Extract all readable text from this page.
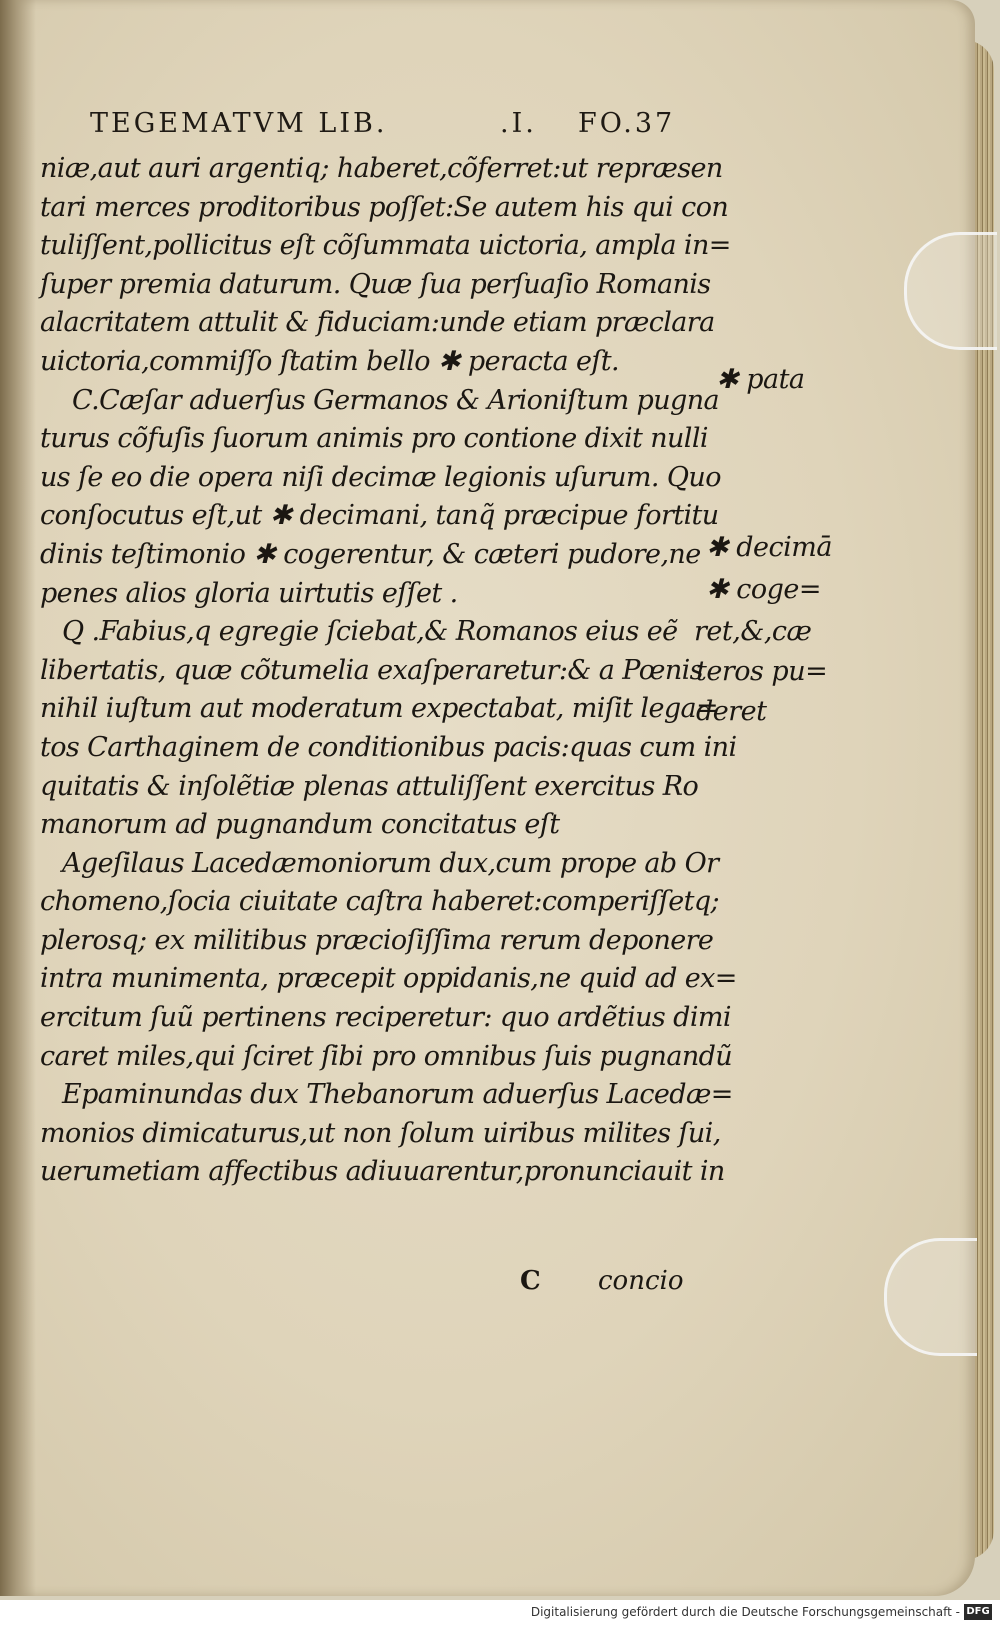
TEGEMATVM LIB.	.I. FO.37
niæ,aut auri argentiq; haberet,cõferret:ut repræsen
tari merces proditoribus poſſet:Se autem his qui con
tuliſſent,pollicitus eſt cõſummata uictoria, ampla in=
ſuper premia daturum. Quæ ſua perſuaſio Romanis
alacritatem attulit & fiduciam:unde etiam præclara
uictoria,commiſſo ſtatim bello ✱ peracta eſt.
C.Cæſar aduerſus Germanos & Arioniſtum pugna
turus cõfuſis ſuorum animis pro contione dixit nulli
us ſe eo die opera niſi decimæ legionis uſurum. Quo
conſocutus eſt,ut ✱ decimani, tanq̃ præcipue fortitu
dinis teſtimonio ✱ cogerentur, & cæteri pudore,ne
penes alios gloria uirtutis eſſet .
Q .Fabius,q egregie ſciebat,& Romanos eius eẽ
libertatis, quæ cõtumelia exaſperaretur:& a Pœnis
nihil iuſtum aut moderatum expectabat, miſit lega=
tos Carthaginem de conditionibus pacis:quas cum ini
quitatis & inſolẽtiæ plenas attuliſſent exercitus Ro
manorum ad pugnandum concitatus eſt
Ageſilaus Lacedæmoniorum dux,cum prope ab Or
chomeno,ſocia ciuitate caſtra haberet:comperiſſetq;
plerosq; ex militibus præcioſiſſima rerum deponere
intra munimenta, præcepit oppidanis,ne quid ad ex=
ercitum ſuũ pertinens reciperetur: quo ardẽtius dimi
caret miles,qui ſciret ſibi pro omnibus ſuis pugnandũ
Epaminundas dux Thebanorum aduerſus Lacedæ=
monios dimicaturus,ut non ſolum uiribus milites ſui,
uerumetiam affectibus adiuuarentur,pronunciauit in
✱ pata
✱ decimā
✱ coge=
ret,&,cæ
teros pu=
deret
C concio
Digitalisierung gefördert durch die Deutsche Forschungsgemeinschaft - DFG
